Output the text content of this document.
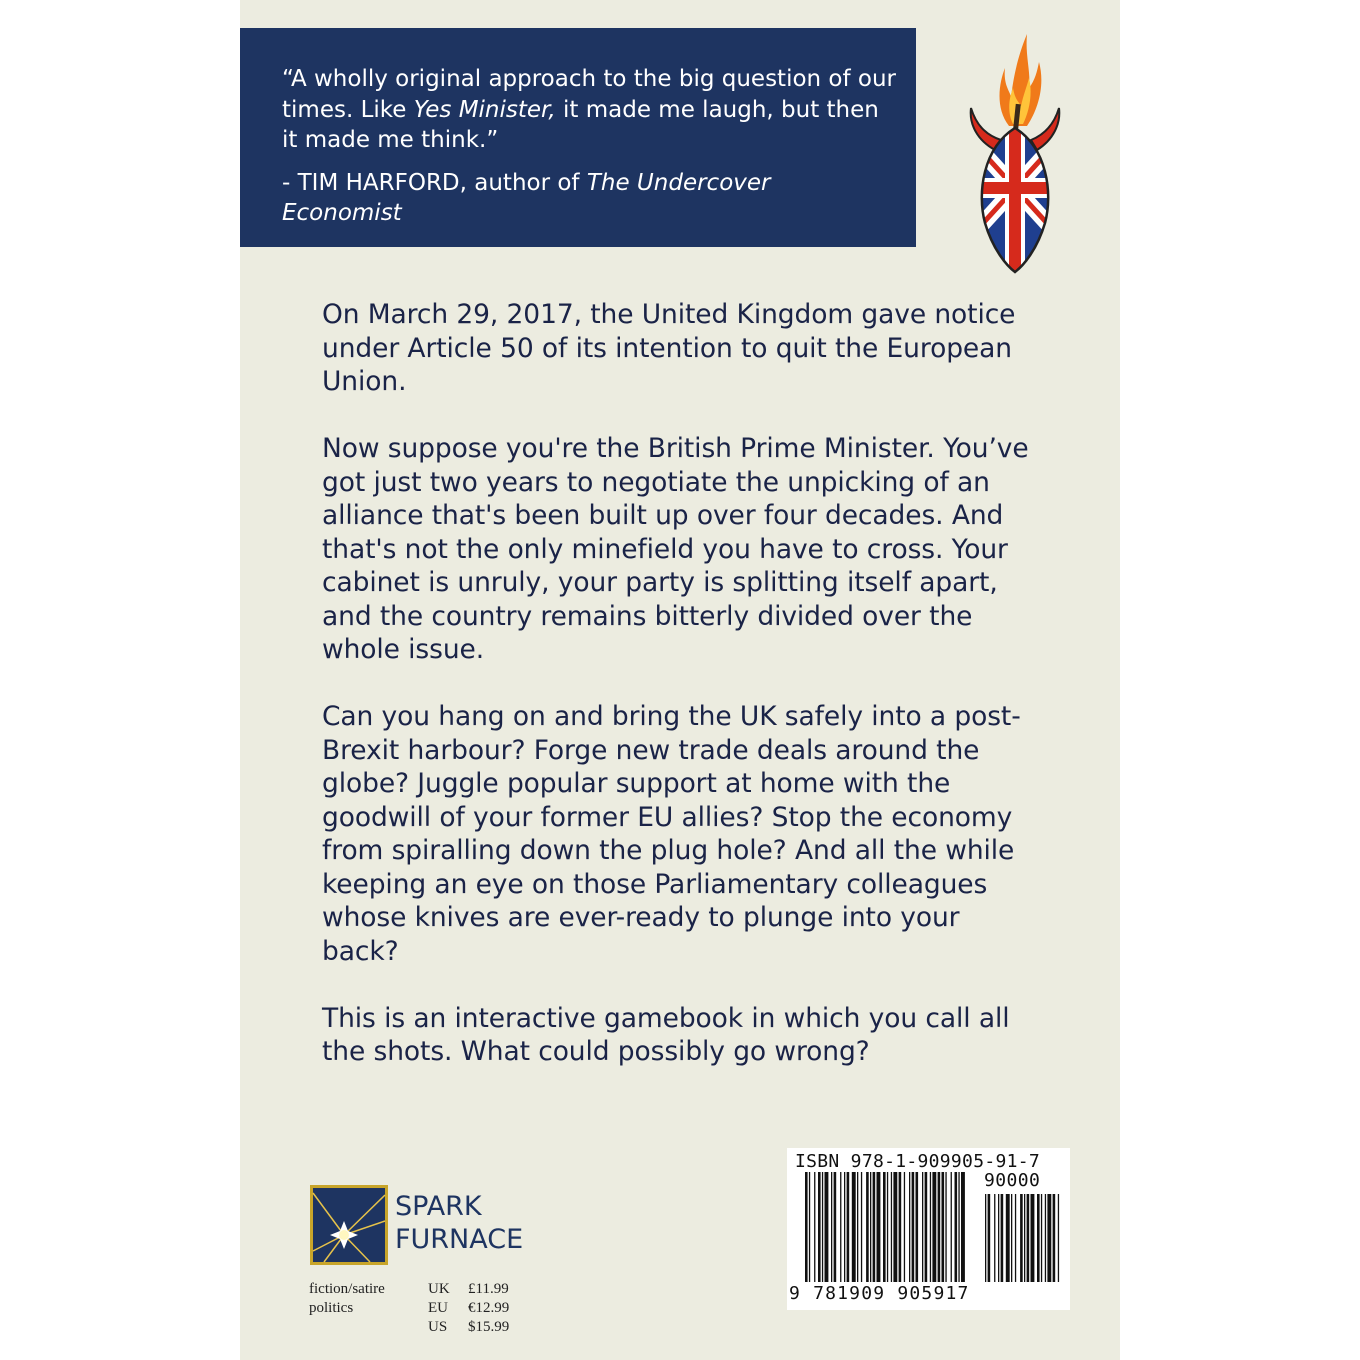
“A wholly original approach to the big question of our times. Like Yes Minister, it made me laugh, but then it made me think.”

- TIM HARFORD, author of The Undercover Economist

On March 29, 2017, the United Kingdom gave notice under Article 50 of its intention to quit the European Union.

Now suppose you're the British Prime Minister. You’ve got just two years to negotiate the unpicking of an alliance that's been built up over four decades. And that's not the only minefield you have to cross. Your cabinet is unruly, your party is splitting itself apart, and the country remains bitterly divided over the whole issue.

Can you hang on and bring the UK safely into a post-Brexit harbour? Forge new trade deals around the globe? Juggle popular support at home with the goodwill of your former EU allies? Stop the economy from spiralling down the plug hole? And all the while keeping an eye on those Parliamentary colleagues whose knives are ever-ready to plunge into your back?

This is an interactive gamebook in which you call all the shots. What could possibly go wrong?

SPARK
FURNACE
fiction/satire
politics
UK	£11.99
EU	€12.99
US	$15.99
ISBN 978-1-909905-91-7
90000
9 781909 905917
